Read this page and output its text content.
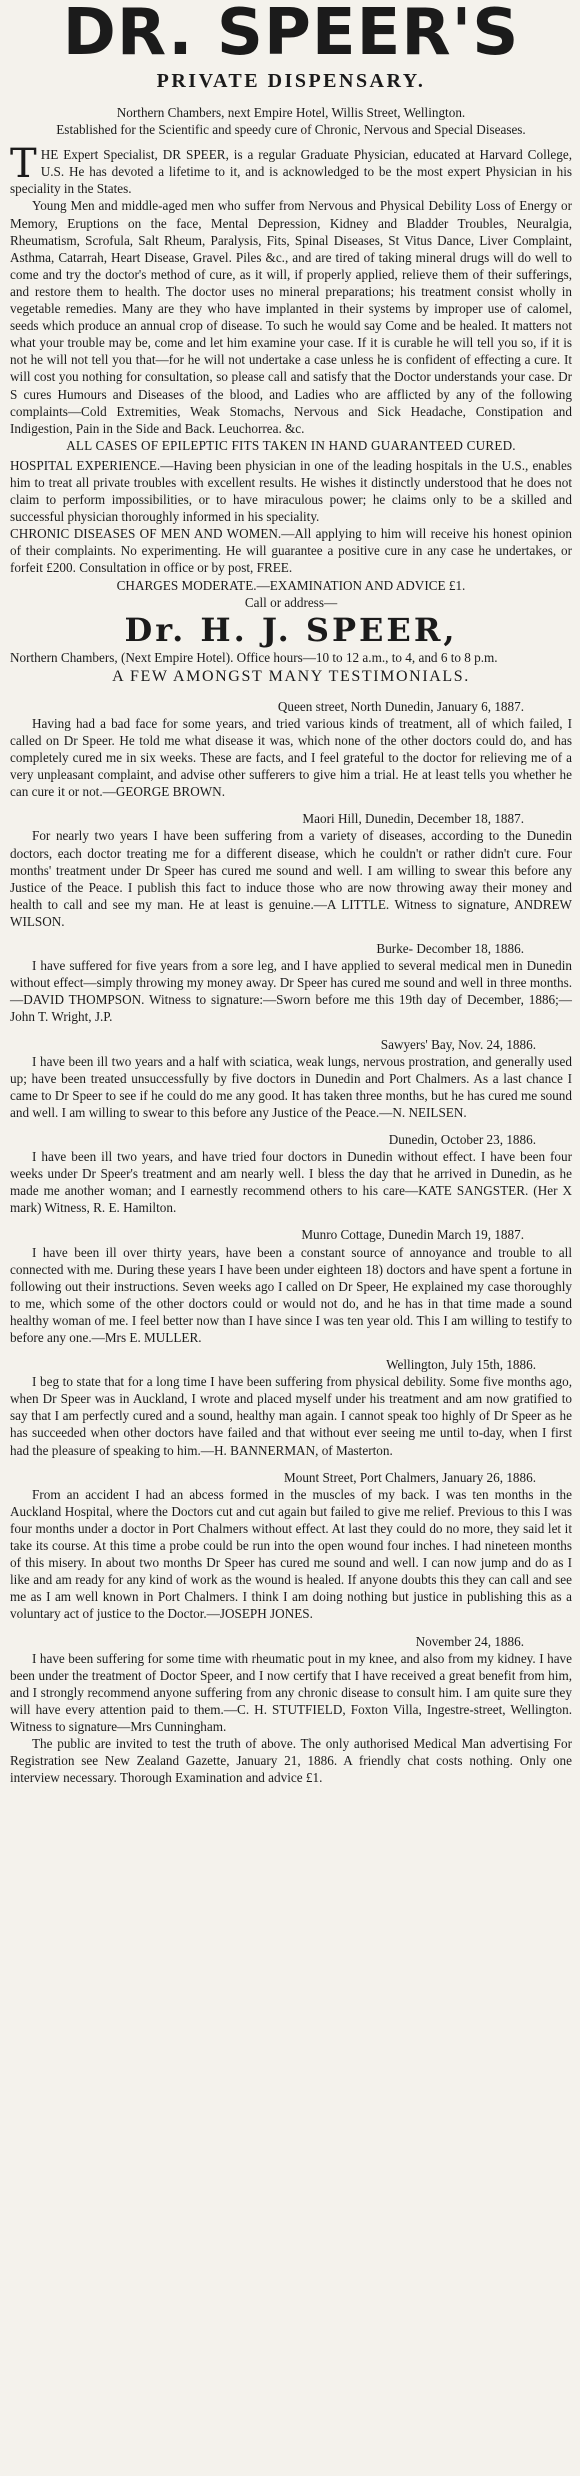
DR. SPEER'S
PRIVATE DISPENSARY.

Northern Chambers, next Empire Hotel, Willis Street, Wellington.

Established for the Scientific and speedy cure of Chronic, Nervous and Special Diseases.

THE Expert Specialist, DR SPEER, is a regular Graduate Physician, educated at Harvard College, U.S. He has devoted a lifetime to it, and is acknowledged to be the most expert Physician in his speciality in the States.

Young Men and middle-aged men who suffer from Nervous and Physical Debility Loss of Energy or Memory, Eruptions on the face, Mental Depression, Kidney and Bladder Troubles, Neuralgia, Rheumatism, Scrofula, Salt Rheum, Paralysis, Fits, Spinal Diseases, St Vitus Dance, Liver Complaint, Asthma, Catarrah, Heart Disease, Gravel. Piles &c., and are tired of taking mineral drugs will do well to come and try the doctor's method of cure, as it will, if properly applied, relieve them of their sufferings, and restore them to health. The doctor uses no mineral preparations; his treatment consist wholly in vegetable remedies. Many are they who have implanted in their systems by improper use of calomel, seeds which produce an annual crop of disease. To such he would say Come and be healed. It matters not what your trouble may be, come and let him examine your case. If it is curable he will tell you so, if it is not he will not tell you that—for he will not undertake a case unless he is confident of effecting a cure. It will cost you nothing for consultation, so please call and satisfy that the Doctor understands your case. Dr S cures Humours and Diseases of the blood, and Ladies who are afflicted by any of the following complaints—Cold Extremities, Weak Stomachs, Nervous and Sick Headache, Constipation and Indigestion, Pain in the Side and Back. Leuchorrea. &c.

ALL CASES OF EPILEPTIC FITS TAKEN IN HAND GUARANTEED CURED.

HOSPITAL EXPERIENCE.—Having been physician in one of the leading hospitals in the U.S., enables him to treat all private troubles with excellent results. He wishes it distinctly understood that he does not claim to perform impossibilities, or to have miraculous power; he claims only to be a skilled and successful physician thoroughly informed in his speciality.

CHRONIC DISEASES OF MEN AND WOMEN.—All applying to him will receive his honest opinion of their complaints. No experimenting. He will guarantee a positive cure in any case he undertakes, or forfeit £200. Consultation in office or by post, FREE.

CHARGES MODERATE.—EXAMINATION AND ADVICE £1.

Call or address—

Dr. H. J. SPEER,

Northern Chambers, (Next Empire Hotel). Office hours—10 to 12 a.m., to 4, and 6 to 8 p.m.

A FEW AMONGST MANY TESTIMONIALS.

Queen street, North Dunedin, January 6, 1887.

Having had a bad face for some years, and tried various kinds of treatment, all of which failed, I called on Dr Speer. He told me what disease it was, which none of the other doctors could do, and has completely cured me in six weeks. These are facts, and I feel grateful to the doctor for relieving me of a very unpleasant complaint, and advise other sufferers to give him a trial. He at least tells you whether he can cure it or not.—GEORGE BROWN.

Maori Hill, Dunedin, December 18, 1887.

For nearly two years I have been suffering from a variety of diseases, according to the Dunedin doctors, each doctor treating me for a different disease, which he couldn't or rather didn't cure. Four months' treatment under Dr Speer has cured me sound and well. I am willing to swear this before any Justice of the Peace. I publish this fact to induce those who are now throwing away their money and health to call and see my man. He at least is genuine.—A LITTLE. Witness to signature, ANDREW WILSON.

Burke- Decomber 18, 1886.

I have suffered for five years from a sore leg, and I have applied to several medical men in Dunedin without effect—simply throwing my money away. Dr Speer has cured me sound and well in three months.—DAVID THOMPSON. Witness to signature:—Sworn before me this 19th day of December, 1886;—John T. Wright, J.P.

Sawyers' Bay, Nov. 24, 1886.

I have been ill two years and a half with sciatica, weak lungs, nervous prostration, and generally used up; have been treated unsuccessfully by five doctors in Dunedin and Port Chalmers. As a last chance I came to Dr Speer to see if he could do me any good. It has taken three months, but he has cured me sound and well. I am willing to swear to this before any Justice of the Peace.—N. NEILSEN.

Dunedin, October 23, 1886.

I have been ill two years, and have tried four doctors in Dunedin without effect. I have been four weeks under Dr Speer's treatment and am nearly well. I bless the day that he arrived in Dunedin, as he made me another woman; and I earnestly recommend others to his care—KATE SANGSTER. (Her X mark) Witness, R. E. Hamilton.

Munro Cottage, Dunedin March 19, 1887.

I have been ill over thirty years, have been a constant source of annoyance and trouble to all connected with me. During these years I have been under eighteen 18) doctors and have spent a fortune in following out their instructions. Seven weeks ago I called on Dr Speer, He explained my case thoroughly to me, which some of the other doctors could or would not do, and he has in that time made a sound healthy woman of me. I feel better now than I have since I was ten year old. This I am willing to testify to before any one.—Mrs E. MULLER.

Wellington, July 15th, 1886.

I beg to state that for a long time I have been suffering from physical debility. Some five months ago, when Dr Speer was in Auckland, I wrote and placed myself under his treatment and am now gratified to say that I am perfectly cured and a sound, healthy man again. I cannot speak too highly of Dr Speer as he has succeeded when other doctors have failed and that without ever seeing me until to-day, when I first had the pleasure of speaking to him.—H. BANNERMAN, of Masterton.

Mount Street, Port Chalmers, January 26, 1886.

From an accident I had an abcess formed in the muscles of my back. I was ten months in the Auckland Hospital, where the Doctors cut and cut again but failed to give me relief. Previous to this I was four months under a doctor in Port Chalmers without effect. At last they could do no more, they said let it take its course. At this time a probe could be run into the open wound four inches. I had nineteen months of this misery. In about two months Dr Speer has cured me sound and well. I can now jump and do as I like and am ready for any kind of work as the wound is healed. If anyone doubts this they can call and see me as I am well known in Port Chalmers. I think I am doing nothing but justice in publishing this as a voluntary act of justice to the Doctor.—JOSEPH JONES.

November 24, 1886.

I have been suffering for some time with rheumatic pout in my knee, and also from my kidney. I have been under the treatment of Doctor Speer, and I now certify that I have received a great benefit from him, and I strongly recommend anyone suffering from any chronic disease to consult him. I am quite sure they will have every attention paid to them.—C. H. STUTFIELD, Foxton Villa, Ingestre-street, Wellington. Witness to signature—Mrs Cunningham.

The public are invited to test the truth of above. The only authorised Medical Man advertising For Registration see New Zealand Gazette, January 21, 1886. A friendly chat costs nothing. Only one interview necessary. Thorough Examination and advice £1.
